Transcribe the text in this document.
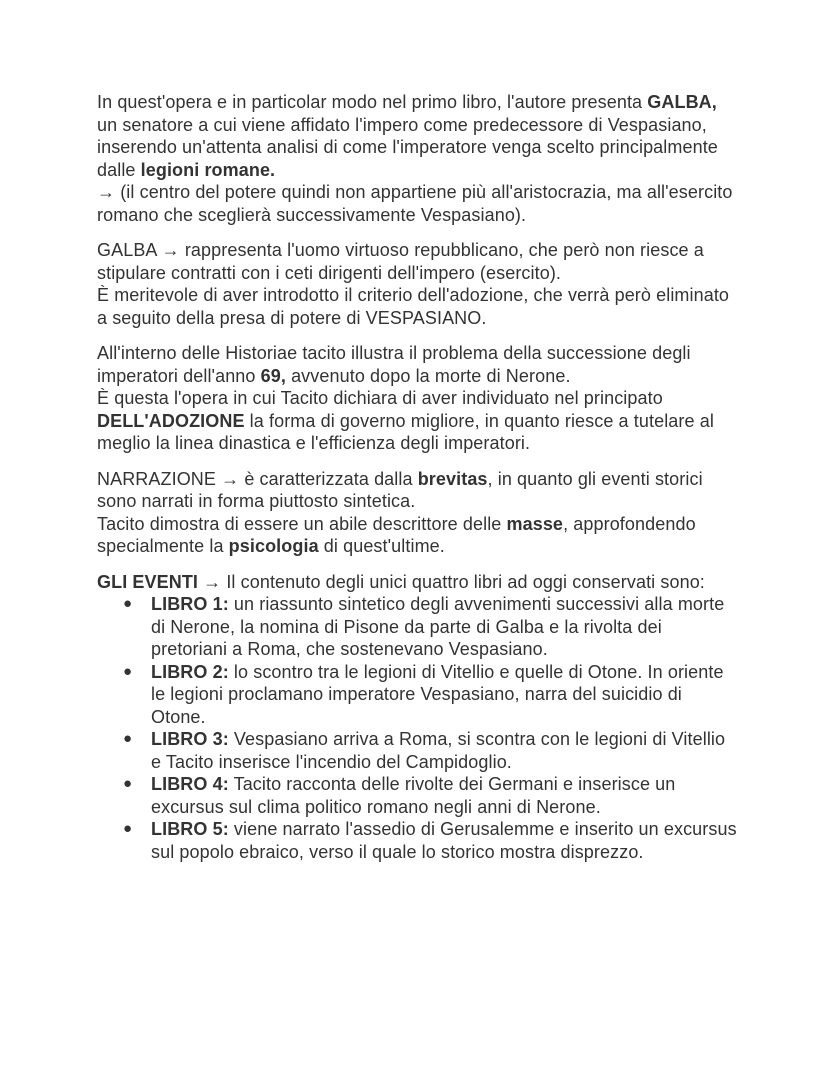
In quest'opera e in particolar modo nel primo libro, l'autore presenta GALBA, un senatore a cui viene affidato l'impero come predecessore di Vespasiano, inserendo un'attenta analisi di come l'imperatore venga scelto principalmente dalle legioni romane.

→ (il centro del potere quindi non appartiene più all'aristocrazia, ma all'esercito romano che sceglierà successivamente Vespasiano).

GALBA → rappresenta l'uomo virtuoso repubblicano, che però non riesce a stipulare contratti con i ceti dirigenti dell'impero (esercito).

È meritevole di aver introdotto il criterio dell'adozione, che verrà però eliminato a seguito della presa di potere di VESPASIANO.

All'interno delle Historiae tacito illustra il problema della successione degli imperatori dell'anno 69, avvenuto dopo la morte di Nerone.

È questa l'opera in cui Tacito dichiara di aver individuato nel principato DELL'ADOZIONE la forma di governo migliore, in quanto riesce a tutelare al meglio la linea dinastica e l'efficienza degli imperatori.

NARRAZIONE → è caratterizzata dalla brevitas, in quanto gli eventi storici sono narrati in forma piuttosto sintetica.

Tacito dimostra di essere un abile descrittore delle masse, approfondendo specialmente la psicologia di quest'ultime.

GLI EVENTI → Il contenuto degli unici quattro libri ad oggi conservati sono:

● LIBRO 1: un riassunto sintetico degli avvenimenti successivi alla morte di Nerone, la nomina di Pisone da parte di Galba e la rivolta dei pretoriani a Roma, che sostenevano Vespasiano.
● LIBRO 2: lo scontro tra le legioni di Vitellio e quelle di Otone. In oriente le legioni proclamano imperatore Vespasiano, narra del suicidio di Otone.
● LIBRO 3: Vespasiano arriva a Roma, si scontra con le legioni di Vitellio e Tacito inserisce l'incendio del Campidoglio.
● LIBRO 4: Tacito racconta delle rivolte dei Germani e inserisce un excursus sul clima politico romano negli anni di Nerone.
● LIBRO 5: viene narrato l'assedio di Gerusalemme e inserito un excursus sul popolo ebraico, verso il quale lo storico mostra disprezzo.
